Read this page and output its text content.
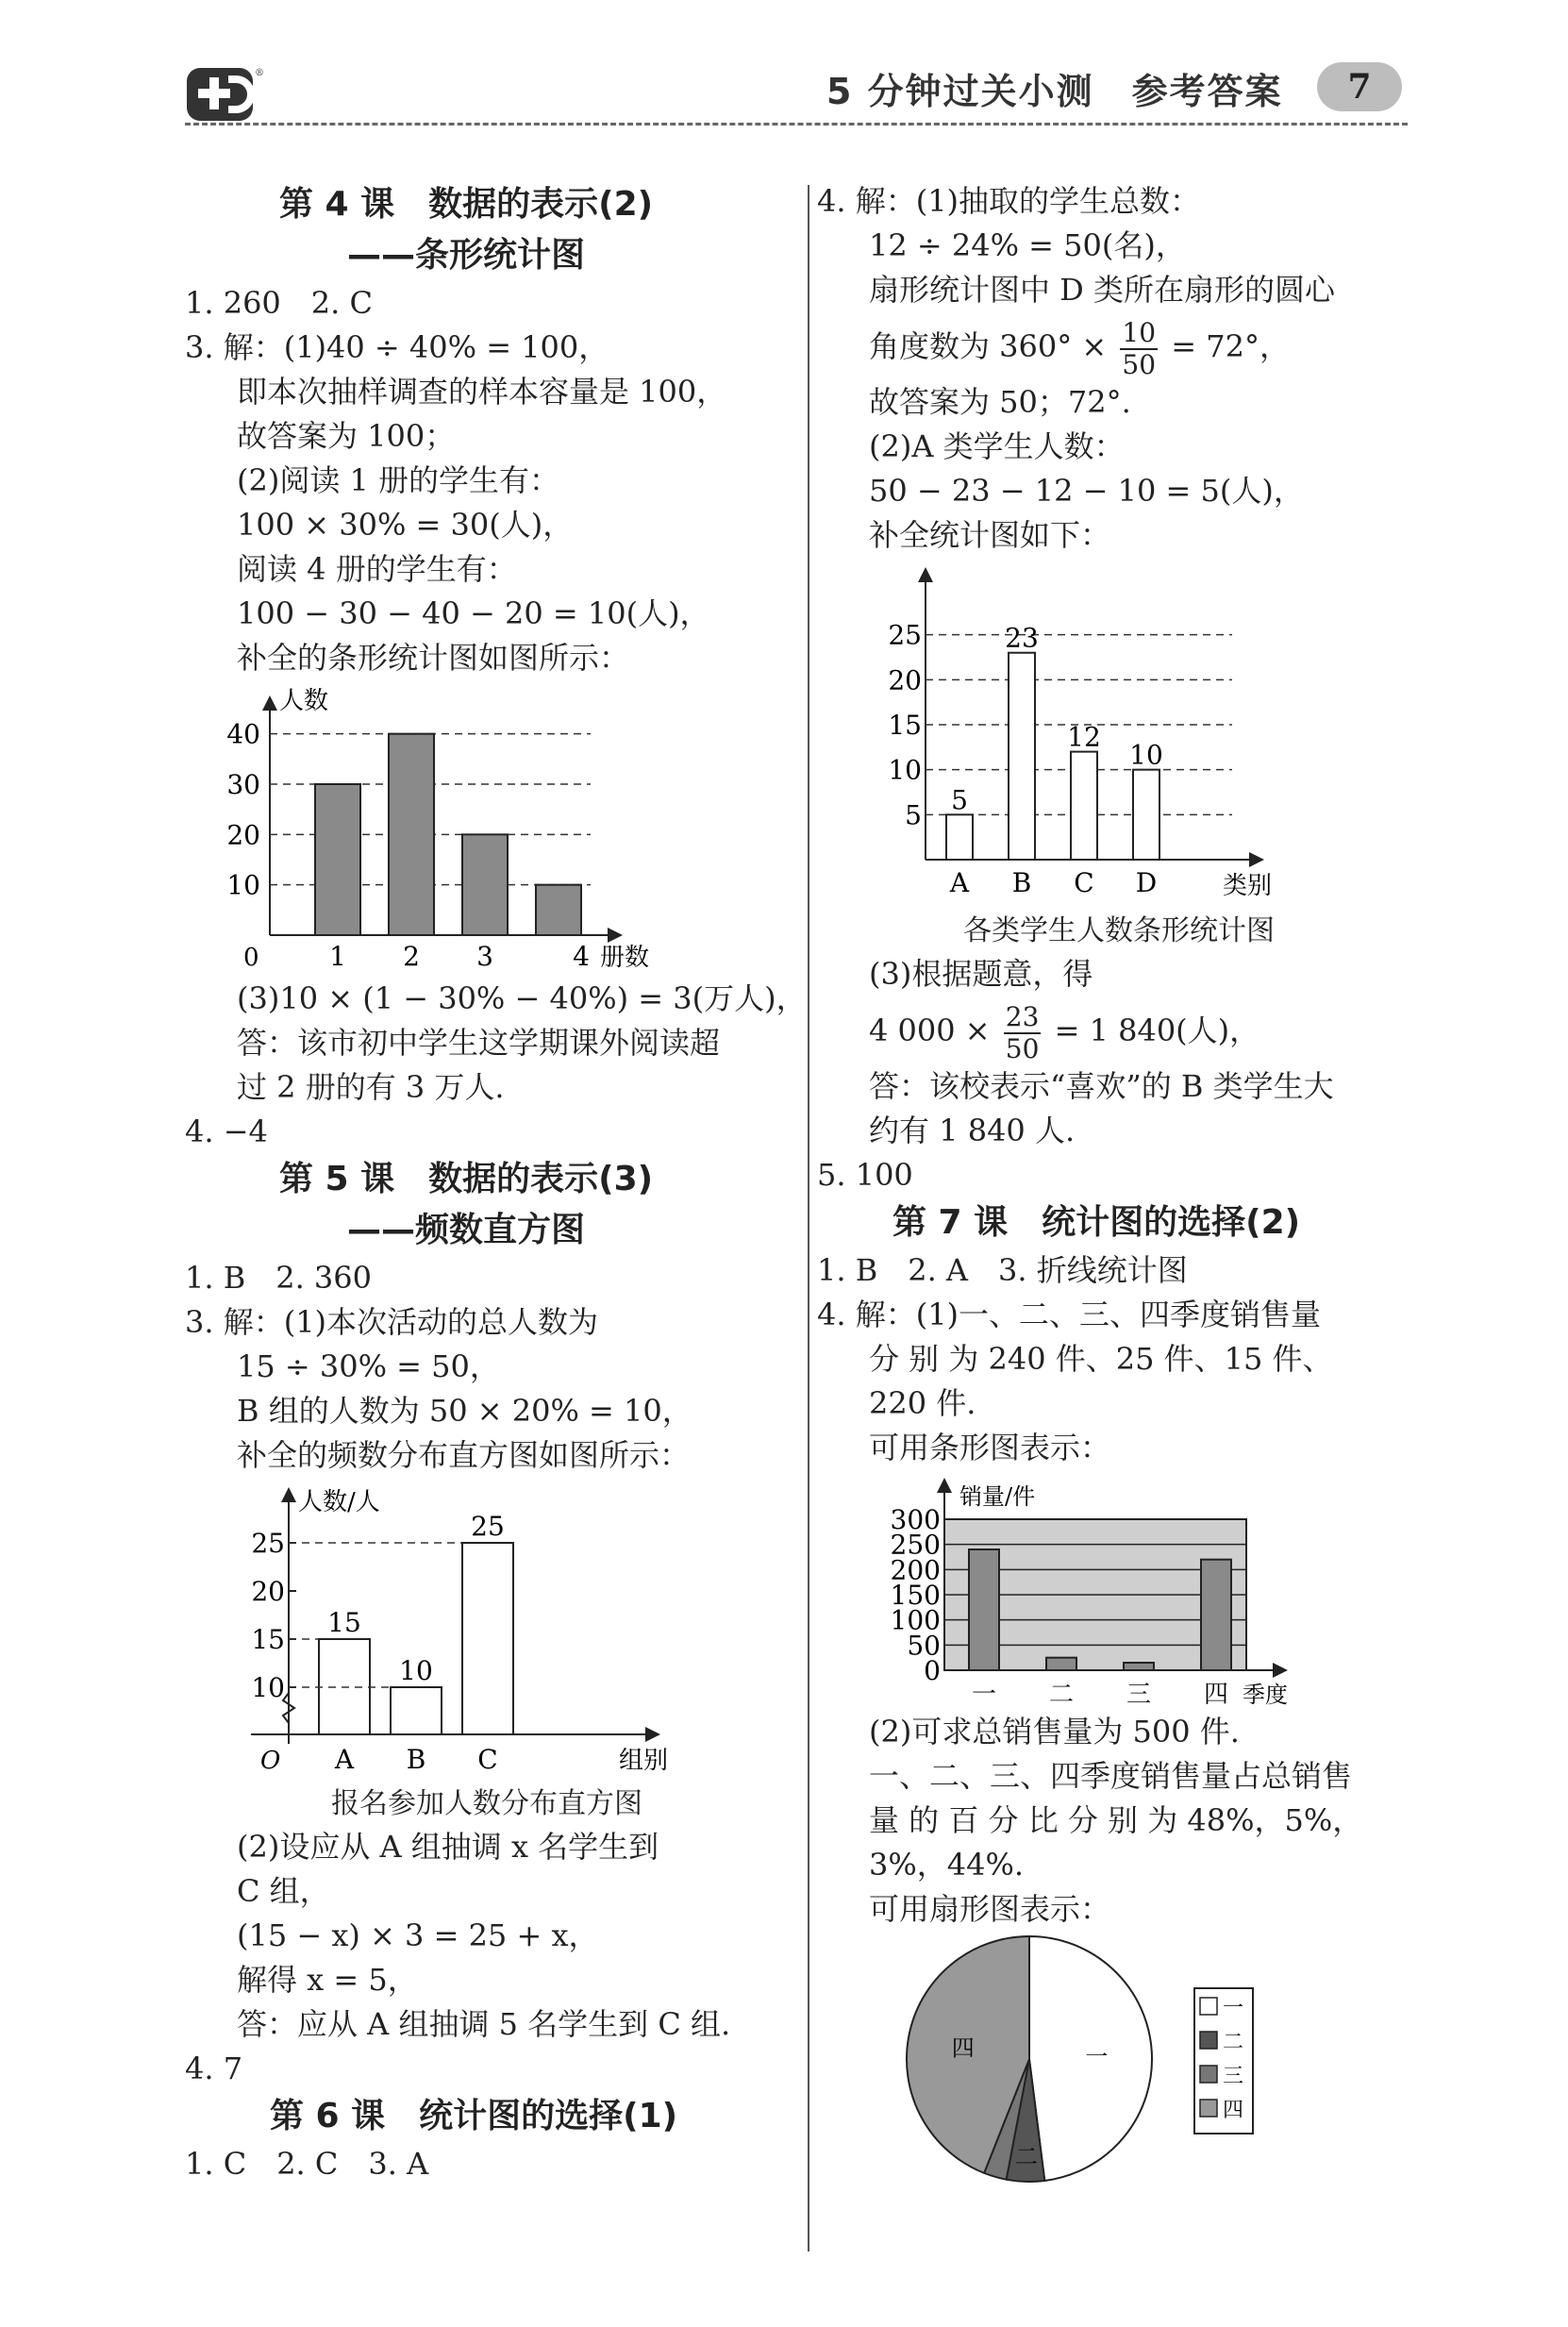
®	5 分钟过关小测　参考答案	7
第 4 课　数据的表示(2)
——条形统计图
1. 260　2. C
3. 解：(1)40 ÷ 40% = 100，
即本次抽样调查的样本容量是 100，
故答案为 100；
(2)阅读 1 册的学生有：
100 × 30% = 30(人)，
阅读 4 册的学生有：
100 − 30 − 40 − 20 = 10(人)，
补全的条形统计图如图所示：
人数
册数
0
10
20
30
40
1 2 3	4
(3)10 × (1 − 30% − 40%) = 3(万人)，
答：该市初中学生这学期课外阅读超
过 2 册的有 3 万人.
4. −4
第 5 课　数据的表示(3)
——频数直方图
1. B　2. 360
3. 解：(1)本次活动的总人数为
15 ÷ 30% = 50，
B 组的人数为 50 × 20% = 10，
补全的频数分布直方图如图所示：
人数/人
组别
O
10
15
20
25
15
A
10
B
25
C
报名参加人数分布直方图
(2)设应从 A 组抽调 x 名学生到
C 组，
(15 − x) × 3 = 25 + x，
解得 x = 5，
答：应从 A 组抽调 5 名学生到 C 组.
4. 7
第 6 课　统计图的选择(1)
1. C　2. C　3. A
4. 解：(1)抽取的学生总数：
12 ÷ 24% = 50(名)，
扇形统计图中 D 类所在扇形的圆心
角度数为 $360^\circ \times \frac{10}{50} = 72^\circ$，
故答案为 50；72°.
(2)A 类学生人数：
50 − 23 − 12 − 10 = 5(人)，
补全统计图如下：
类别
5
10
15
20
25
5
A
23
B
12
C
10
D
各类学生人数条形统计图
(3)根据题意，得
4 $000 \times \frac{23}{50} = 1$ 840(人)，
答：该校表示“喜欢”的 B 类学生大
约有 1 840 人.
5. 100
第 7 课　统计图的选择(2)
1. B　2. A　3. 折线统计图
4. 解：(1)一、二、三、四季度销售量
分 别 为 240 件、25 件、15 件、
220 件.
可用条形图表示：
销量/件
季度
0
50
100
150
200
250
300
一 二 三 四
(2)可求总销售量为 500 件.
一、二、三、四季度销售量占总销售
量 的 百 分 比 分 别 为 48%，5%，
3%，44%.
可用扇形图表示：
一
二
四
一
二
三
四
